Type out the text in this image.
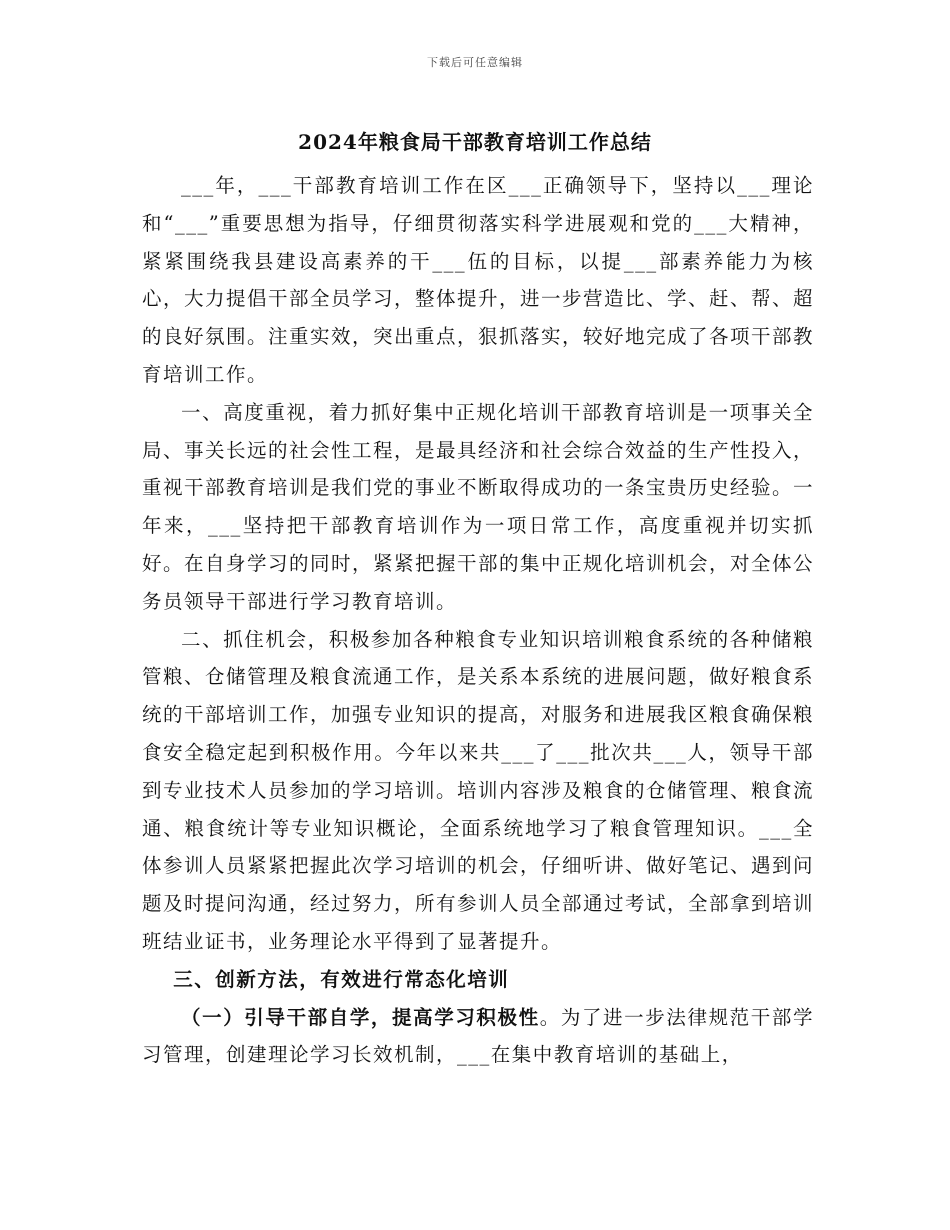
下载后可任意编辑
2024年粮食局干部教育培训工作总结

___年，___干部教育培训工作在区___正确领导下，坚持以___理论和“___”重要思想为指导，仔细贯彻落实科学进展观和党的___大精神，紧紧围绕我县建设高素养的干___伍的目标，以提___部素养能力为核心，大力提倡干部全员学习，整体提升，进一步营造比、学、赶、帮、超的良好氛围。注重实效，突出重点，狠抓落实，较好地完成了各项干部教育培训工作。

一、高度重视，着力抓好集中正规化培训干部教育培训是一项事关全局、事关长远的社会性工程，是最具经济和社会综合效益的生产性投入，重视干部教育培训是我们党的事业不断取得成功的一条宝贵历史经验。一年来，___坚持把干部教育培训作为一项日常工作，高度重视并切实抓好。在自身学习的同时，紧紧把握干部的集中正规化培训机会，对全体公务员领导干部进行学习教育培训。

二、抓住机会，积极参加各种粮食专业知识培训粮食系统的各种储粮管粮、仓储管理及粮食流通工作，是关系本系统的进展问题，做好粮食系统的干部培训工作，加强专业知识的提高，对服务和进展我区粮食确保粮食安全稳定起到积极作用。今年以来共___了___批次共___人，领导干部到专业技术人员参加的学习培训。培训内容涉及粮食的仓储管理、粮食流通、粮食统计等专业知识概论，全面系统地学习了粮食管理知识。___全体参训人员紧紧把握此次学习培训的机会，仔细听讲、做好笔记、遇到问题及时提问沟通，经过努力，所有参训人员全部通过考试，全部拿到培训班结业证书，业务理论水平得到了显著提升。

三、创新方法，有效进行常态化培训

（一）引导干部自学，提高学习积极性。为了进一步法律规范干部学习管理，创建理论学习长效机制，___在集中教育培训的基础上，
